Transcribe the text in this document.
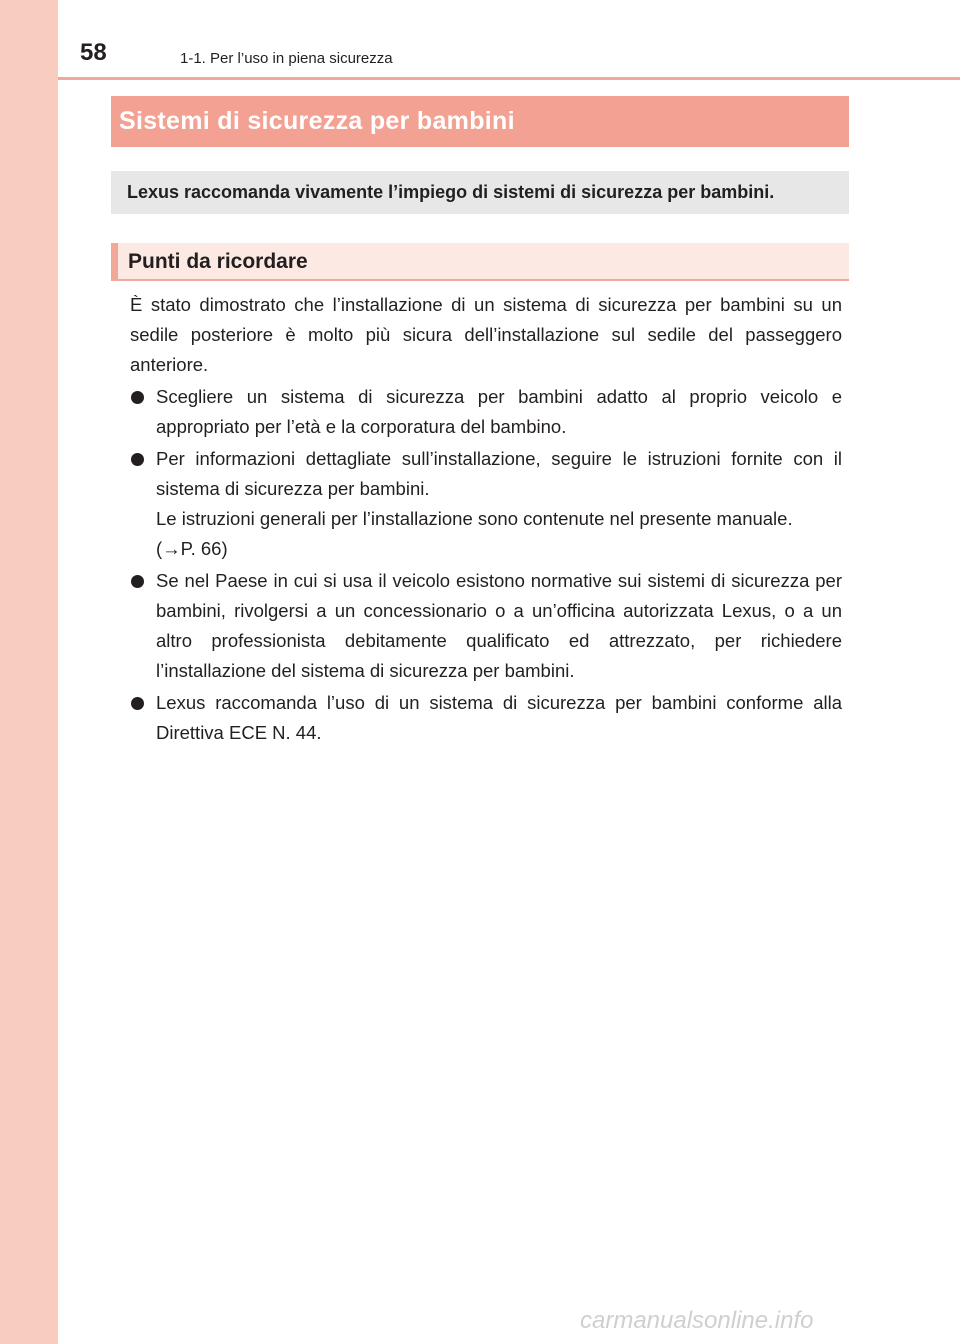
58	1-1. Per l’uso in piena sicurezza
Sistemi di sicurezza per bambini

Lexus raccomanda vivamente l’impiego di sistemi di sicurezza per bambini.

Punti da ricordare

È stato dimostrato che l’installazione di un sistema di sicurezza per bambini su un sedile posteriore è molto più sicura dell’installazione sul sedile del passeggero anteriore.

Scegliere un sistema di sicurezza per bambini adatto al proprio veicolo e appropriato per l’età e la corporatura del bambino.

Per informazioni dettagliate sull’installazione, seguire le istruzioni fornite con il sistema di sicurezza per bambini.

Le istruzioni generali per l’installazione sono contenute nel presente manuale.

(→P. 66)

Se nel Paese in cui si usa il veicolo esistono normative sui sistemi di sicurezza per bambini, rivolgersi a un concessionario o a un’officina autorizzata Lexus, o a un altro professionista debitamente qualificato ed attrezzato, per richiedere l’installazione del sistema di sicurezza per bambini.

Lexus raccomanda l’uso di un sistema di sicurezza per bambini conforme alla Direttiva ECE N. 44.

carmanualsonline.info
